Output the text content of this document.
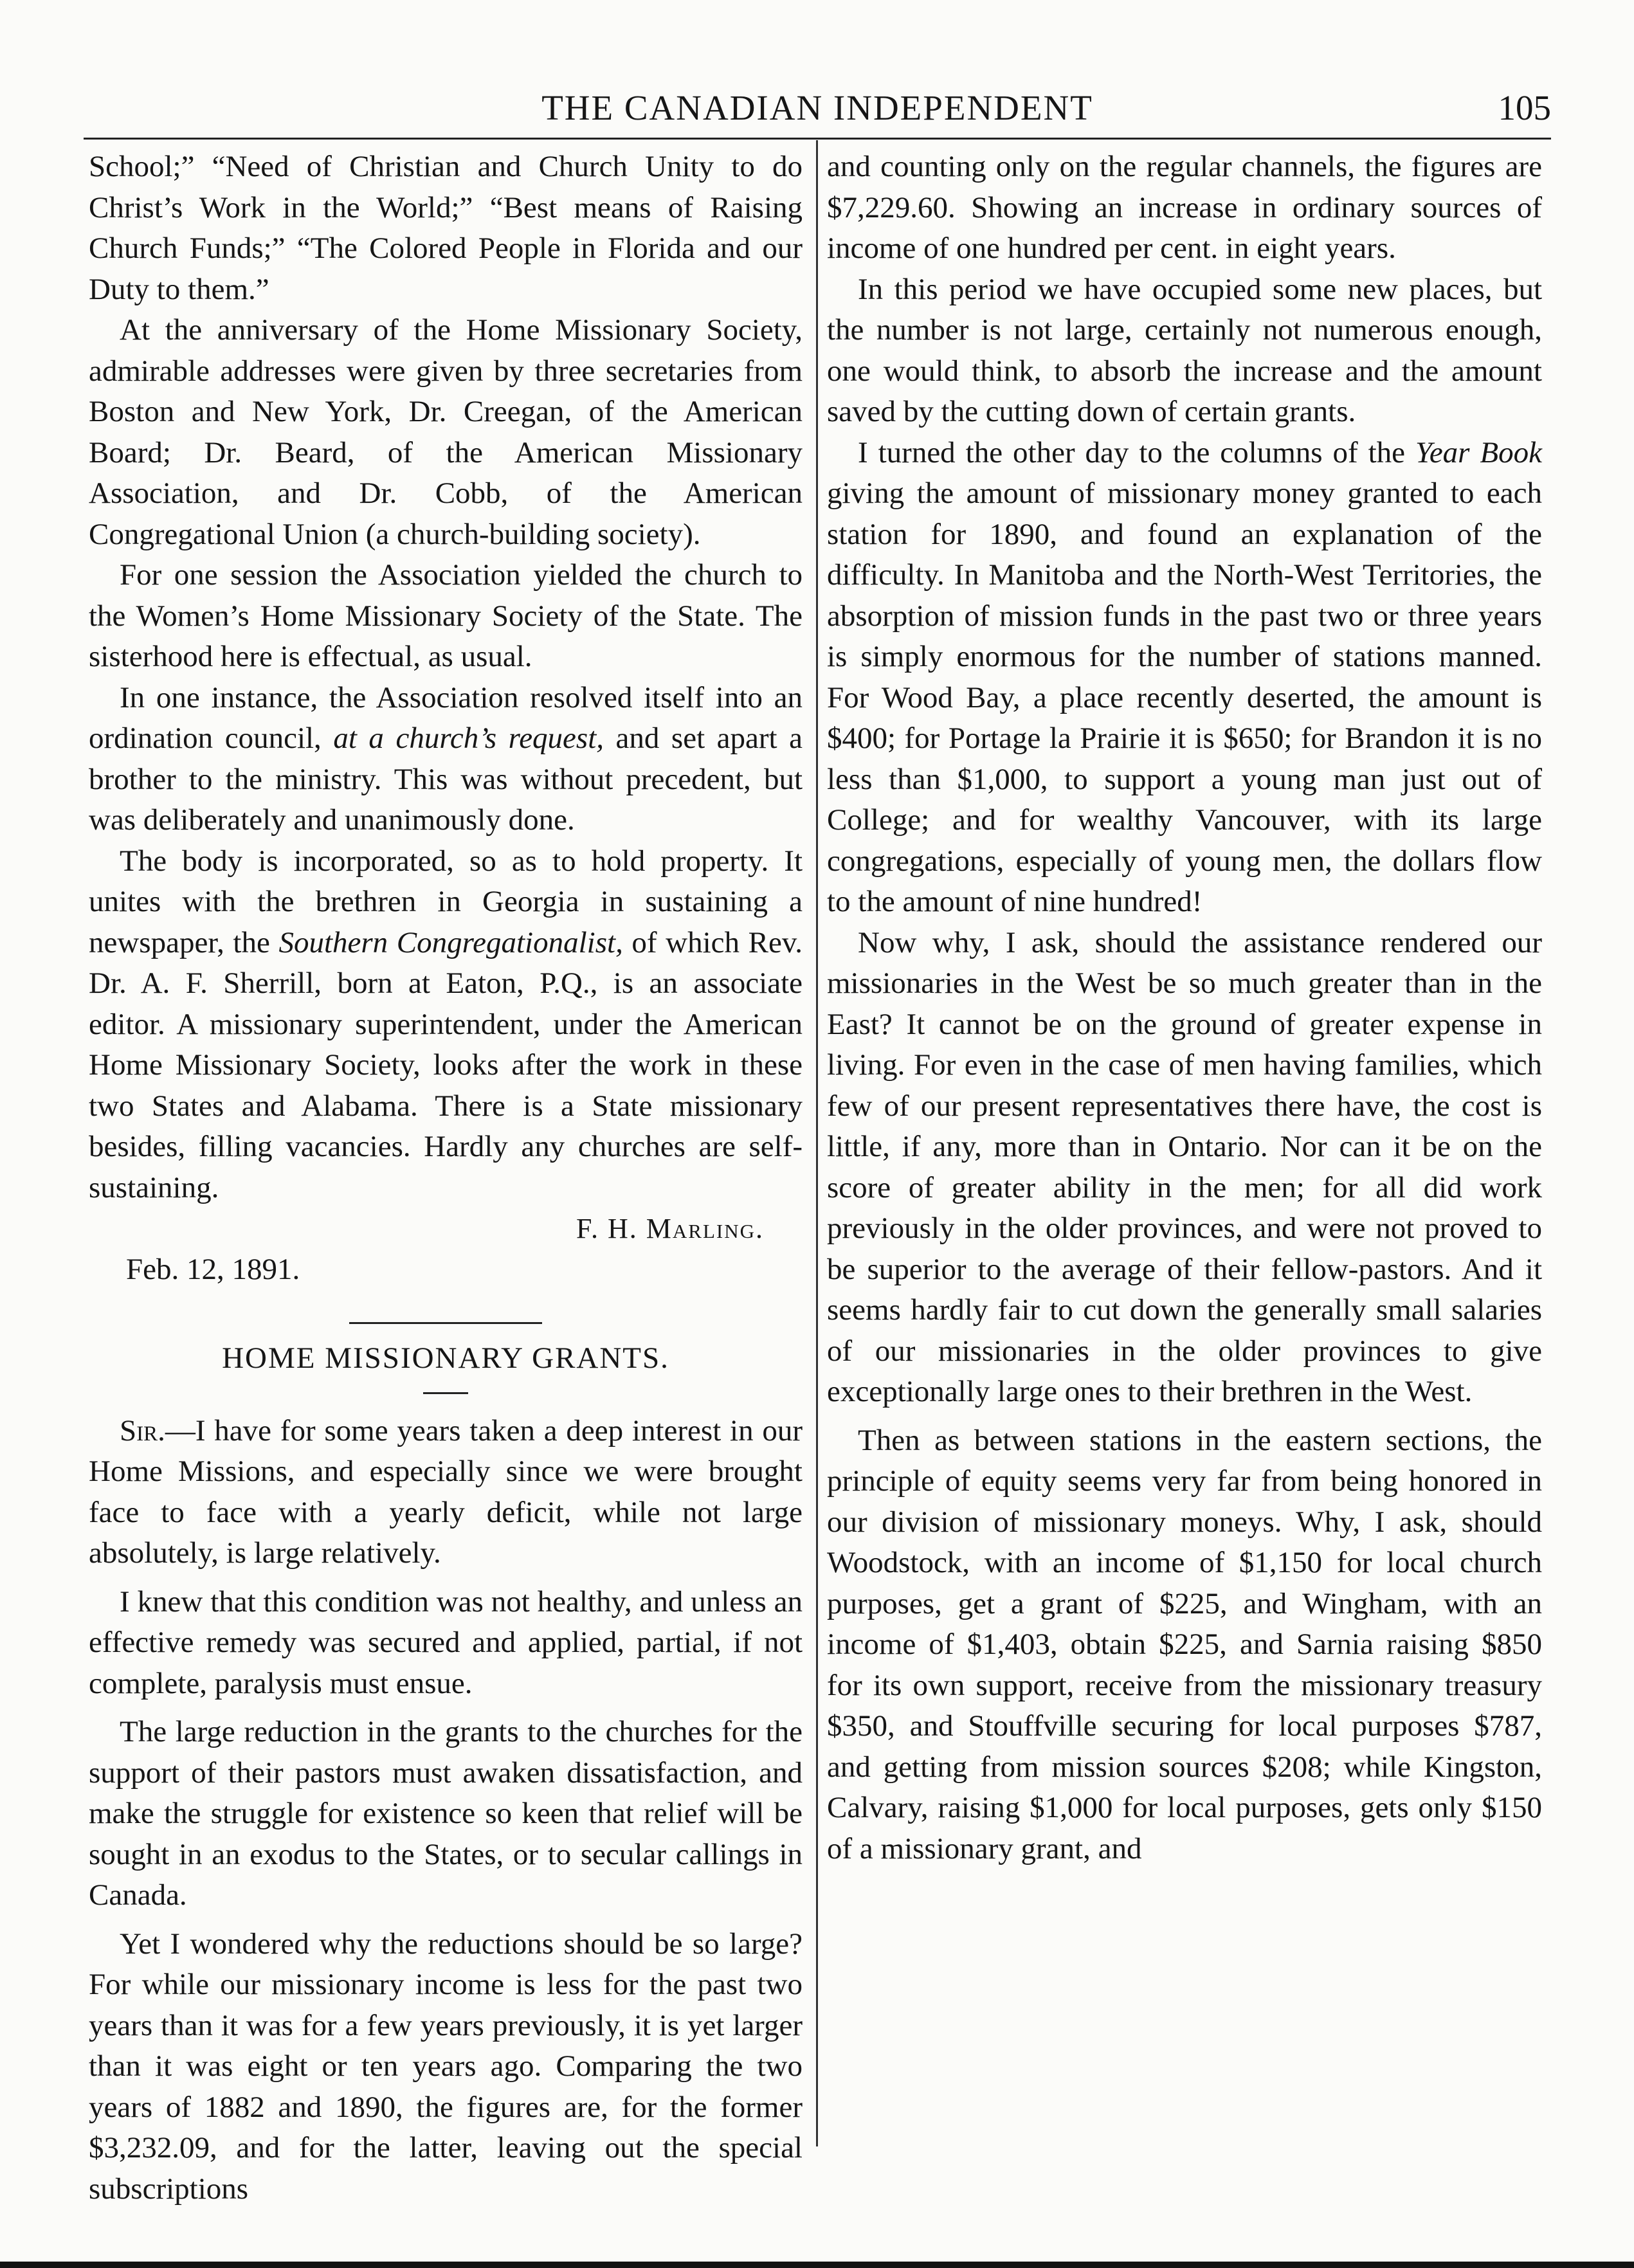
THE CANADIAN INDEPENDENT	105

School;” “Need of Christian and Church Unity to do Christ’s Work in the World;” “Best means of Raising Church Funds;” “The Colored People in Florida and our Duty to them.”

At the anniversary of the Home Missionary Society, admirable addresses were given by three secretaries from Boston and New York, Dr. Creegan, of the American Board; Dr. Beard, of the American Missionary Association, and Dr. Cobb, of the American Congregational Union (a church-building society).

For one session the Association yielded the church to the Women’s Home Missionary Society of the State. The sisterhood here is effectual, as usual.

In one instance, the Association resolved itself into an ordination council, at a church’s request, and set apart a brother to the ministry. This was without precedent, but was deliberately and unanimously done.

The body is incorporated, so as to hold property. It unites with the brethren in Georgia in sustaining a newspaper, the Southern Congregationalist, of which Rev. Dr. A. F. Sherrill, born at Eaton, P.Q., is an associate editor. A missionary superintendent, under the American Home Missionary Society, looks after the work in these two States and Alabama. There is a State missionary besides, filling vacancies. Hardly any churches are self-sustaining.

F. H. Marling.

Feb. 12, 1891.

HOME MISSIONARY GRANTS.

Sir.—I have for some years taken a deep interest in our Home Missions, and especially since we were brought face to face with a yearly deficit, while not large absolutely, is large relatively.

I knew that this condition was not healthy, and unless an effective remedy was secured and applied, partial, if not complete, paralysis must ensue.

The large reduction in the grants to the churches for the support of their pastors must awaken dissatisfaction, and make the struggle for existence so keen that relief will be sought in an exodus to the States, or to secular callings in Canada.

Yet I wondered why the reductions should be so large? For while our missionary income is less for the past two years than it was for a few years previously, it is yet larger than it was eight or ten years ago. Comparing the two years of 1882 and 1890, the figures are, for the former $3,232.09, and for the latter, leaving out the special subscriptions

and counting only on the regular channels, the figures are $7,229.60. Showing an increase in ordinary sources of income of one hundred per cent. in eight years.

In this period we have occupied some new places, but the number is not large, certainly not numerous enough, one would think, to absorb the increase and the amount saved by the cutting down of certain grants.

I turned the other day to the columns of the Year Book giving the amount of missionary money granted to each station for 1890, and found an explanation of the difficulty. In Manitoba and the North-West Territories, the absorption of mission funds in the past two or three years is simply enormous for the number of stations manned. For Wood Bay, a place recently deserted, the amount is $400; for Portage la Prairie it is $650; for Brandon it is no less than $1,000, to support a young man just out of College; and for wealthy Vancouver, with its large congregations, especially of young men, the dollars flow to the amount of nine hundred!

Now why, I ask, should the assistance rendered our missionaries in the West be so much greater than in the East? It cannot be on the ground of greater expense in living. For even in the case of men having families, which few of our present representatives there have, the cost is little, if any, more than in Ontario. Nor can it be on the score of greater ability in the men; for all did work previously in the older provinces, and were not proved to be superior to the average of their fellow-pastors. And it seems hardly fair to cut down the generally small salaries of our missionaries in the older provinces to give exceptionally large ones to their brethren in the West.

Then as between stations in the eastern sections, the principle of equity seems very far from being honored in our division of missionary moneys. Why, I ask, should Woodstock, with an income of $1,150 for local church purposes, get a grant of $225, and Wingham, with an income of $1,403, obtain $225, and Sarnia raising $850 for its own support, receive from the missionary treasury $350, and Stouffville securing for local purposes $787, and getting from mission sources $208; while Kingston, Calvary, raising $1,000 for local purposes, gets only $150 of a missionary grant, and
